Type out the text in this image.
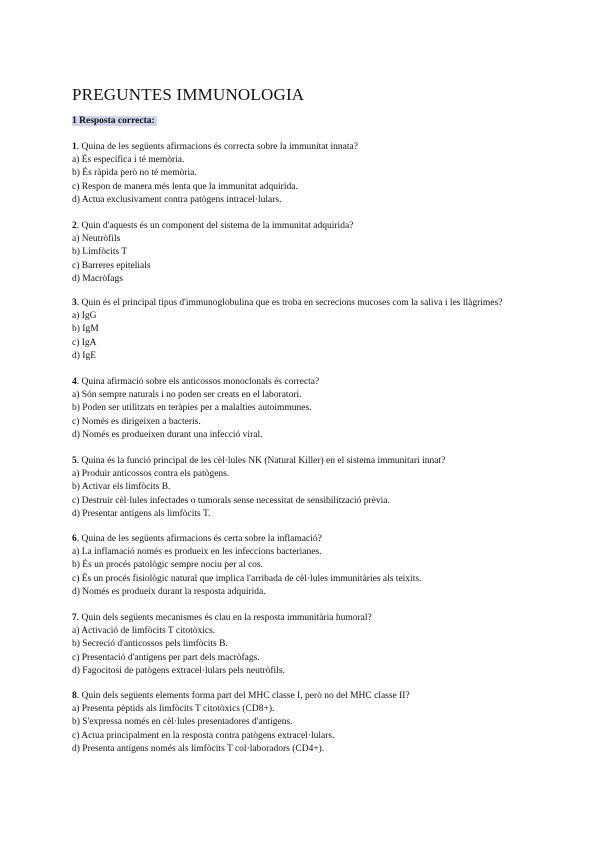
PREGUNTES IMMUNOLOGIA
1 Resposta correcta:
1. Quina de les següents afirmacions és correcta sobre la immunitat innata?
a) És específica i té memòria.
b) És ràpida però no té memòria.
c) Respon de manera més lenta que la immunitat adquirida.
d) Actua exclusivament contra patògens intracel·lulars.
2. Quin d'aquests és un component del sistema de la immunitat adquirida?
a) Neutròfils
b) Limfòcits T
c) Barreres epitelials
d) Macròfags
3. Quin és el principal tipus d'immunoglobulina que es troba en secrecions mucoses com la saliva i les llàgrimes?
a) IgG
b) IgM
c) IgA
d) IgE
4. Quina afirmació sobre els anticossos monoclonals és correcta?
a) Són sempre naturals i no poden ser creats en el laboratori.
b) Poden ser utilitzats en teràpies per a malalties autoimmunes.
c) Només es dirigeixen a bacteris.
d) Només es produeixen durant una infecció viral.
5. Quina és la funció principal de les cèl·lules NK (Natural Killer) en el sistema immunitari innat?
a) Produir anticossos contra els patògens.
b) Activar els limfòcits B.
c) Destruir cèl·lules infectades o tumorals sense necessitat de sensibilització prèvia.
d) Presentar antígens als limfòcits T.
6. Quina de les següents afirmacions és certa sobre la inflamació?
a) La inflamació només es produeix en les infeccions bacterianes.
b) És un procés patològic sempre nociu per al cos.
c) És un procés fisiològic natural que implica l'arribada de cèl·lules immunitàries als teixits.
d) Només es produeix durant la resposta adquirida.
7. Quin dels següents mecanismes és clau en la resposta immunitària humoral?
a) Activació de limfòcits T citotòxics.
b) Secreció d'anticossos pels limfòcits B.
c) Presentació d'antígens per part dels macròfags.
d) Fagocitosi de patògens extracel·lulars pels neutròfils.
8. Quin dels següents elements forma part del MHC classe I, però no del MHC classe II?
a) Presenta pèptids als limfòcits T citotòxics (CD8+).
b) S'expressa només en cèl·lules presentadores d'antígens.
c) Actua principalment en la resposta contra patògens extracel·lulars.
d) Presenta antígens només als limfòcits T col·laboradors (CD4+).
